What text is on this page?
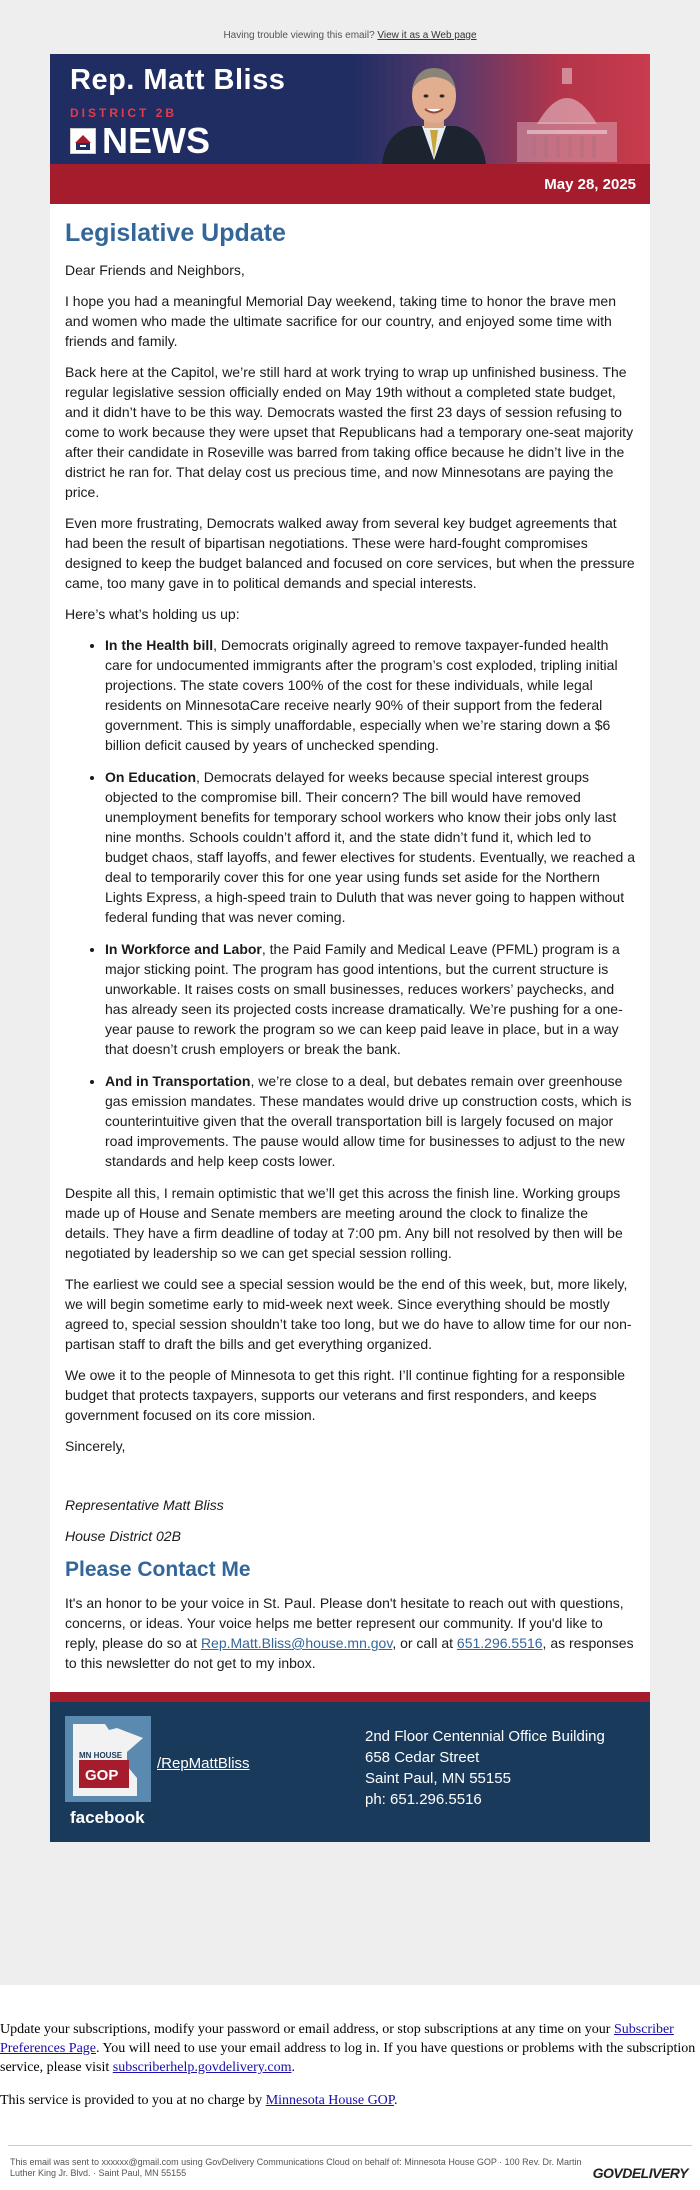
Having trouble viewing this email? View it as a Web page
Rep. Matt Bliss
DISTRICT 2B
NEWS
May 28, 2025
Legislative Update

Dear Friends and Neighbors,

I hope you had a meaningful Memorial Day weekend, taking time to honor the brave men and women who made the ultimate sacrifice for our country, and enjoyed some time with friends and family.

Back here at the Capitol, we’re still hard at work trying to wrap up unfinished business. The regular legislative session officially ended on May 19th without a completed state budget, and it didn’t have to be this way. Democrats wasted the first 23 days of session refusing to come to work because they were upset that Republicans had a temporary one-seat majority after their candidate in Roseville was barred from taking office because he didn’t live in the district he ran for. That delay cost us precious time, and now Minnesotans are paying the price.

Even more frustrating, Democrats walked away from several key budget agreements that had been the result of bipartisan negotiations. These were hard-fought compromises designed to keep the budget balanced and focused on core services, but when the pressure came, too many gave in to political demands and special interests.

Here’s what’s holding us up:

• In the Health bill, Democrats originally agreed to remove taxpayer-funded health care for undocumented immigrants after the program’s cost exploded, tripling initial projections. The state covers 100% of the cost for these individuals, while legal residents on MinnesotaCare receive nearly 90% of their support from the federal government. This is simply unaffordable, especially when we’re staring down a $6 billion deficit caused by years of unchecked spending.
• On Education, Democrats delayed for weeks because special interest groups objected to the compromise bill. Their concern? The bill would have removed unemployment benefits for temporary school workers who know their jobs only last nine months. Schools couldn’t afford it, and the state didn’t fund it, which led to budget chaos, staff layoffs, and fewer electives for students. Eventually, we reached a deal to temporarily cover this for one year using funds set aside for the Northern Lights Express, a high-speed train to Duluth that was never going to happen without federal funding that was never coming.
• In Workforce and Labor, the Paid Family and Medical Leave (PFML) program is a major sticking point. The program has good intentions, but the current structure is unworkable. It raises costs on small businesses, reduces workers’ paychecks, and has already seen its projected costs increase dramatically. We’re pushing for a one-year pause to rework the program so we can keep paid leave in place, but in a way that doesn’t crush employers or break the bank.
• And in Transportation, we’re close to a deal, but debates remain over greenhouse gas emission mandates. These mandates would drive up construction costs, which is counterintuitive given that the overall transportation bill is largely focused on major road improvements. The pause would allow time for businesses to adjust to the new standards and help keep costs lower.

Despite all this, I remain optimistic that we’ll get this across the finish line. Working groups made up of House and Senate members are meeting around the clock to finalize the details. They have a firm deadline of today at 7:00 pm. Any bill not resolved by then will be negotiated by leadership so we can get special session rolling.

The earliest we could see a special session would be the end of this week, but, more likely, we will begin sometime early to mid-week next week. Since everything should be mostly agreed to, special session shouldn’t take too long, but we do have to allow time for our non-partisan staff to draft the bills and get everything organized.

We owe it to the people of Minnesota to get this right. I’ll continue fighting for a responsible budget that protects taxpayers, supports our veterans and first responders, and keeps government focused on its core mission.

Sincerely,

Representative Matt Bliss

House District 02B

Please Contact Me

It's an honor to be your voice in St. Paul. Please don't hesitate to reach out with questions, concerns, or ideas. Your voice helps me better represent our community. If you'd like to reply, please do so at Rep.Matt.Bliss@house.mn.gov, or call at 651.296.5516, as responses to this newsletter do not get to my inbox.

MN HOUSE
GOP
facebook
/RepMattBliss
2nd Floor Centennial Office Building
658 Cedar Street
Saint Paul, MN 55155
ph: 651.296.5516

Update your subscriptions, modify your password or email address, or stop subscriptions at any time on your Subscriber Preferences Page. You will need to use your email address to log in. If you have questions or problems with the subscription service, please visit subscriberhelp.govdelivery.com.

This service is provided to you at no charge by Minnesota House GOP.

This email was sent to xxxxxx@gmail.com using GovDelivery Communications Cloud on behalf of: Minnesota House GOP · 100 Rev. Dr. Martin Luther King Jr. Blvd. · Saint Paul, MN 55155	GOVDELIVERY
